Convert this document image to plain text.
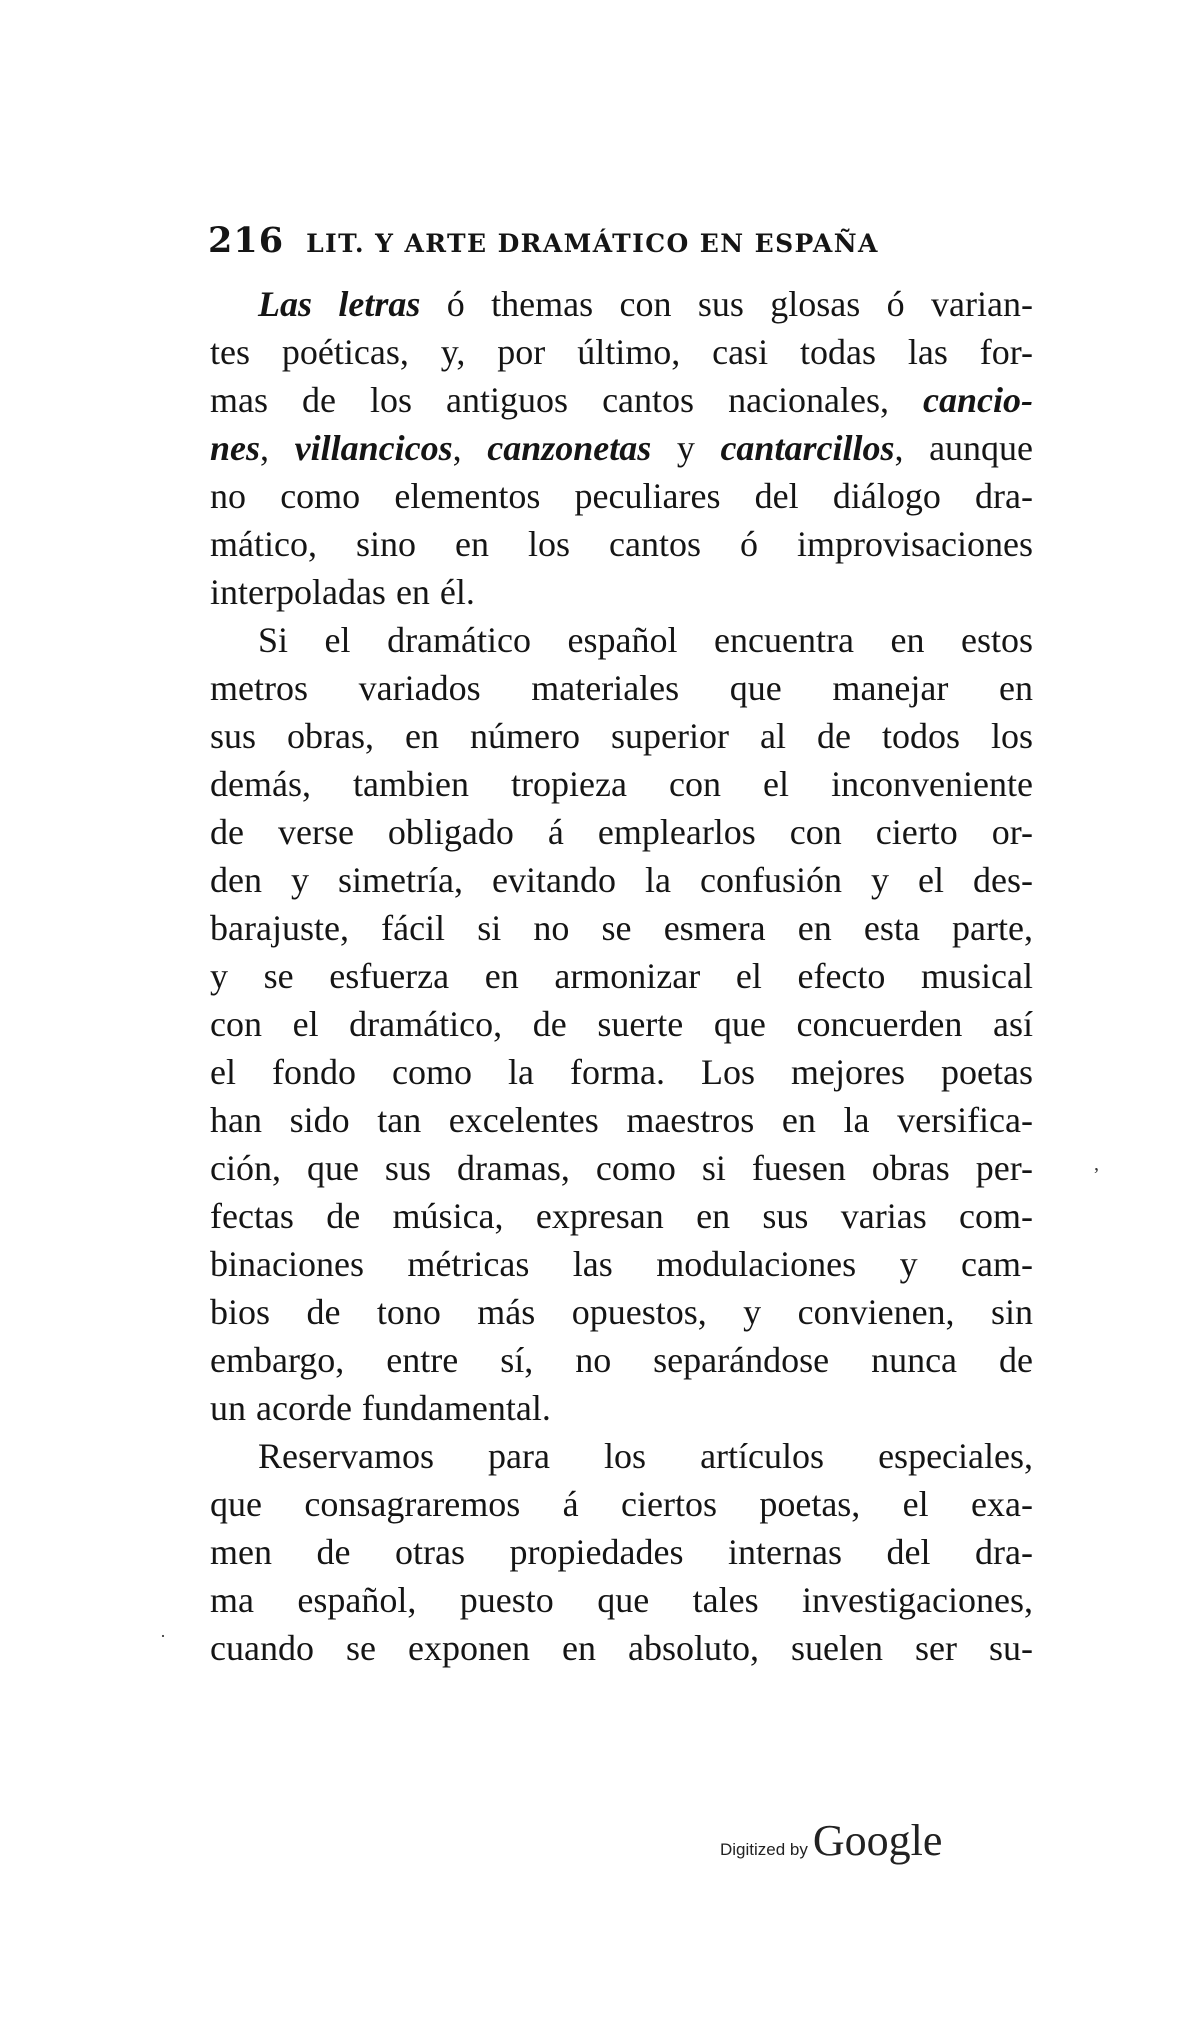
216 LIT. Y ARTE DRAMÁTICO EN ESPAÑA
Las letras ó themas con sus glosas ó varian-
tes poéticas, y, por último, casi todas las for-
mas de los antiguos cantos nacionales, cancio-
nes, villancicos, canzonetas y cantarcillos, aunque
no como elementos peculiares del diálogo dra-
mático, sino en los cantos ó improvisaciones
interpoladas en él.
Si el dramático español encuentra en estos
metros variados materiales que manejar en
sus obras, en número superior al de todos los
demás, tambien tropieza con el inconveniente
de verse obligado á emplearlos con cierto or-
den y simetría, evitando la confusión y el des-
barajuste, fácil si no se esmera en esta parte,
y se esfuerza en armonizar el efecto musical
con el dramático, de suerte que concuerden así
el fondo como la forma. Los mejores poetas
han sido tan excelentes maestros en la versifica-
ción, que sus dramas, como si fuesen obras per-
fectas de música, expresan en sus varias com-
binaciones métricas las modulaciones y cam-
bios de tono más opuestos, y convienen, sin
embargo, entre sí, no separándose nunca de
un acorde fundamental.
Reservamos para los artículos especiales,
que consagraremos á ciertos poetas, el exa-
men de otras propiedades internas del dra-
ma español, puesto que tales investigaciones,
cuando se exponen en absoluto, suelen ser su-
,
·
Digitized by Google
